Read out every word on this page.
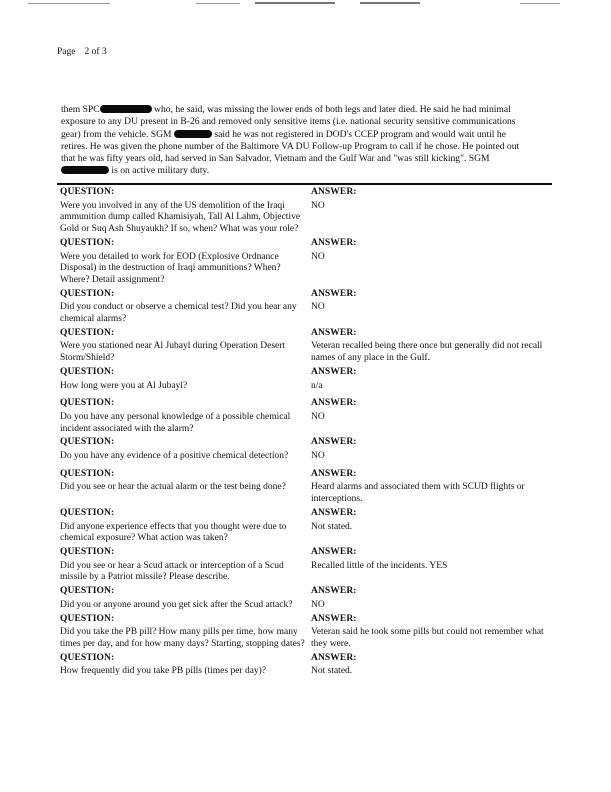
Page 2 of 3
them SPC	who, he said, was missing the lower ends of both legs and later died. He said he had minimal exposure to any DU present in B-26 and removed only sensitive items (i.e. national security sensitive communications gear) from the vehicle. SGM	said he was not registered in DOD's CCEP program and would wait until he retires. He was given the phone number of the Baltimore VA DU Follow-up Program to call if he chose. He pointed out that he was fifty years old, had served in San Salvador, Vietnam and the Gulf War and "was still kicking". SGM is on active military duty.
QUESTION:	ANSWER:
Were you involved in any of the US demolition of the Iraqi ammunition dump called Khamisiyah, Tall Al Lahm, Objective Gold or Suq Ash Shuyaukh? If so, when? What was your role?
NO
QUESTION:	ANSWER:
Were you detailed to work for EOD (Explosive Ordnance Disposal) in the destruction of Iraqi ammunitions? When? Where? Detail assignment?
NO
QUESTION:	ANSWER:
Did you conduct or observe a chemical test? Did you hear any chemical alarms?
NO
QUESTION:	ANSWER:
Were you stationed near Al Jubayl during Operation Desert Storm/Shield?
Veteran recalled being there once but generally did not recall names of any place in the Gulf.
QUESTION:	ANSWER:
How long were you at Al Jubayl?	n/a
QUESTION:	ANSWER:
Do you have any personal knowledge of a possible chemical incident associated with the alarm?
NO
QUESTION:	ANSWER:
Do you have any evidence of a positive chemical detection?	NO
QUESTION:	ANSWER:
Did you see or hear the actual alarm or the test being done?	Heard alarms and associated them with SCUD flights or interceptions.
QUESTION:	ANSWER:
Did anyone experience effects that you thought were due to chemical exposure? What action was taken?
Not stated.
QUESTION:	ANSWER:
Did you see or hear a Scud attack or interception of a Scud missile by a Patriot missile? Please describe.
Recalled little of the incidents. YES
QUESTION:	ANSWER:
Did you or anyone around you get sick after the Scud attack?	NO
QUESTION:	ANSWER:
Did you take the PB pill? How many pills per time, how many times per day, and for how many days? Starting, stopping dates?
Veteran said he took some pills but could not remember what they were.
QUESTION:	ANSWER:
How frequently did you take PB pills (times per day)?	Not stated.
